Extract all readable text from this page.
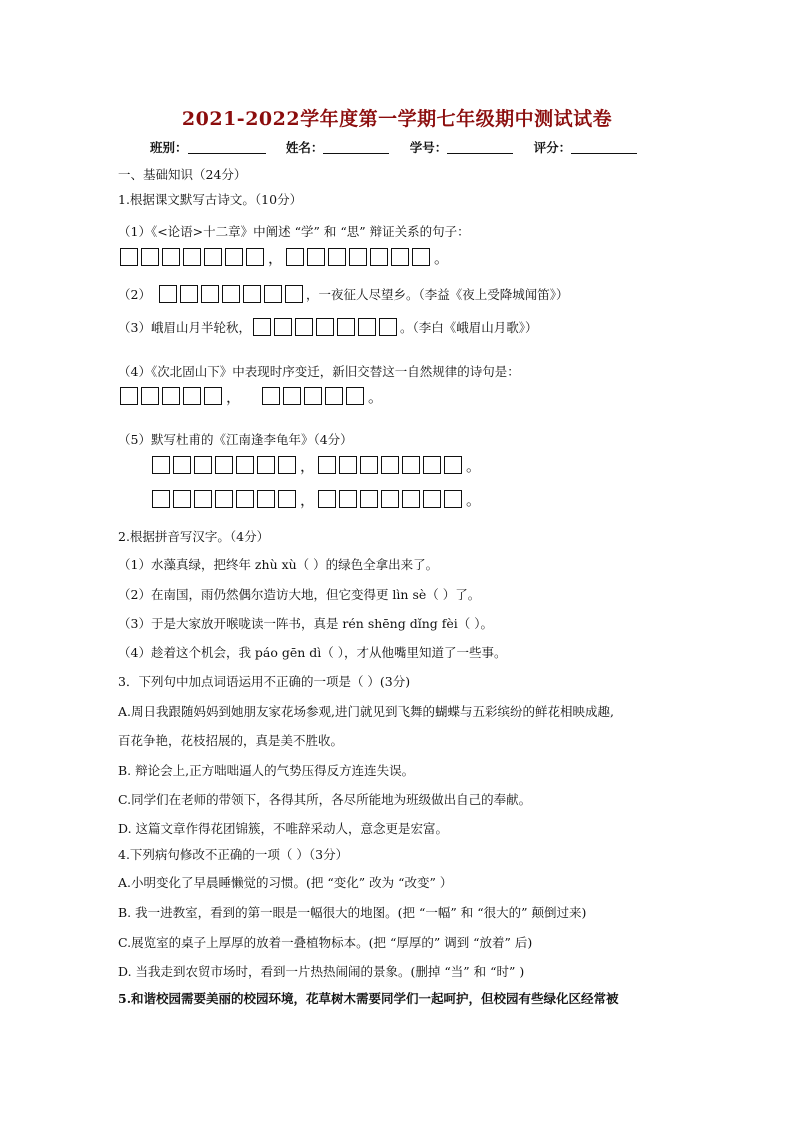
2021-2022学年度第一学期七年级期中测试试卷
班别：	姓名：	学号：	评分：
一、基础知识（24分）
1.根据课文默写古诗文。（10分）
（1）《<论语>十二章》中阐述 “学” 和 “思” 辩证关系的句子：
，	。
（2）	，一夜征人尽望乡。（李益《夜上受降城闻笛》）
（3）峨眉山月半轮秋，	。（李白《峨眉山月歌》）
（4）《次北固山下》中表现时序变迁，新旧交替这一自然规律的诗句是：
，	。
（5）默写杜甫的《江南逢李龟年》（4分）
，	。
，	。
2.根据拼音写汉字。（4分）
（1）水藻真绿，把终年 zhù xù（ ）的绿色全拿出来了。
（2）在南国，雨仍然偶尔造访大地，但它变得更 lìn sè（ ）了。
（3）于是大家放开喉咙读一阵书，真是 rén shēng dǐng fèi（ ）。
（4）趁着这个机会，我 páo gēn dì（ ），才从他嘴里知道了一些事。
3．下列句中加点词语运用不正确的一项是（ ）(3分)
A.周日我跟随妈妈到她朋友家花场参观,进门就见到飞舞的蝴蝶与五彩缤纷的鲜花相映成趣,
百花争艳，花枝招展的，真是美不胜收。
B. 辩论会上,正方咄咄逼人的气势压得反方连连失误。
C.同学们在老师的带领下，各得其所，各尽所能地为班级做出自己的奉献。
D. 这篇文章作得花团锦簇，不唯辞采动人，意念更是宏富。
4.下列病句修改不正确的一项（ ）（3分）
A.小明变化了早晨睡懒觉的习惯。(把 “变化” 改为 “改变” ）
B. 我一进教室，看到的第一眼是一幅很大的地图。(把 “一幅” 和 “很大的” 颠倒过来)
C.展览室的桌子上厚厚的放着一叠植物标本。(把 “厚厚的” 调到 “放着” 后)
D. 当我走到农贸市场时，看到一片热热闹闹的景象。(删掉 “当” 和 “时” )
5.和谐校园需要美丽的校园环境，花草树木需要同学们一起呵护，但校园有些绿化区经常被
